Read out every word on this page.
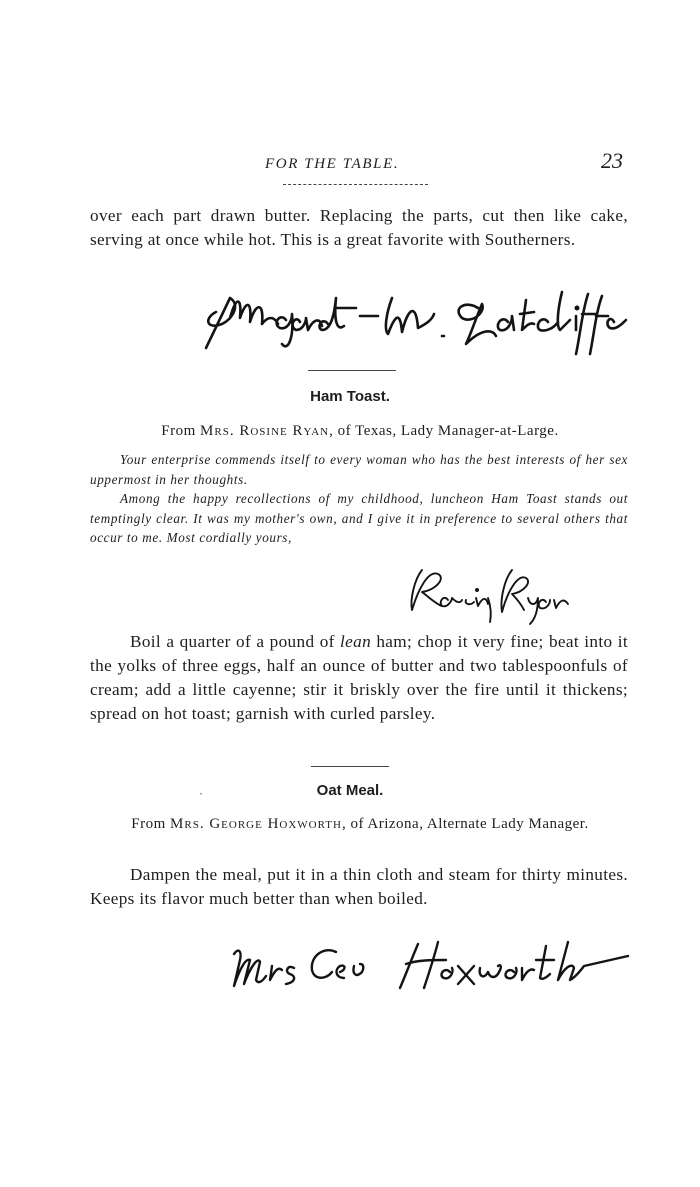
FOR THE TABLE.	23
over each part drawn butter. Replacing the parts, cut then like cake, serving at once while hot. This is a great favorite with Southerners.
Ham Toast.
From Mrs. Rosine Ryan, of Texas, Lady Manager-at-Large.

Your enterprise commends itself to every woman who has the best interests of her sex uppermost in her thoughts.

Among the happy recollections of my childhood, luncheon Ham Toast stands out temptingly clear. It was my mother's own, and I give it in preference to several others that occur to me. Most cordially yours,

Boil a quarter of a pound of lean ham; chop it very fine; beat into it the yolks of three eggs, half an ounce of butter and two tablespoonfuls of cream; add a little cayenne; stir it briskly over the fire until it thickens; spread on hot toast; garnish with curled parsley.
•	Oat Meal.
From Mrs. George Hoxworth, of Arizona, Alternate Lady Manager.
Dampen the meal, put it in a thin cloth and steam for thirty minutes. Keeps its flavor much better than when boiled.
